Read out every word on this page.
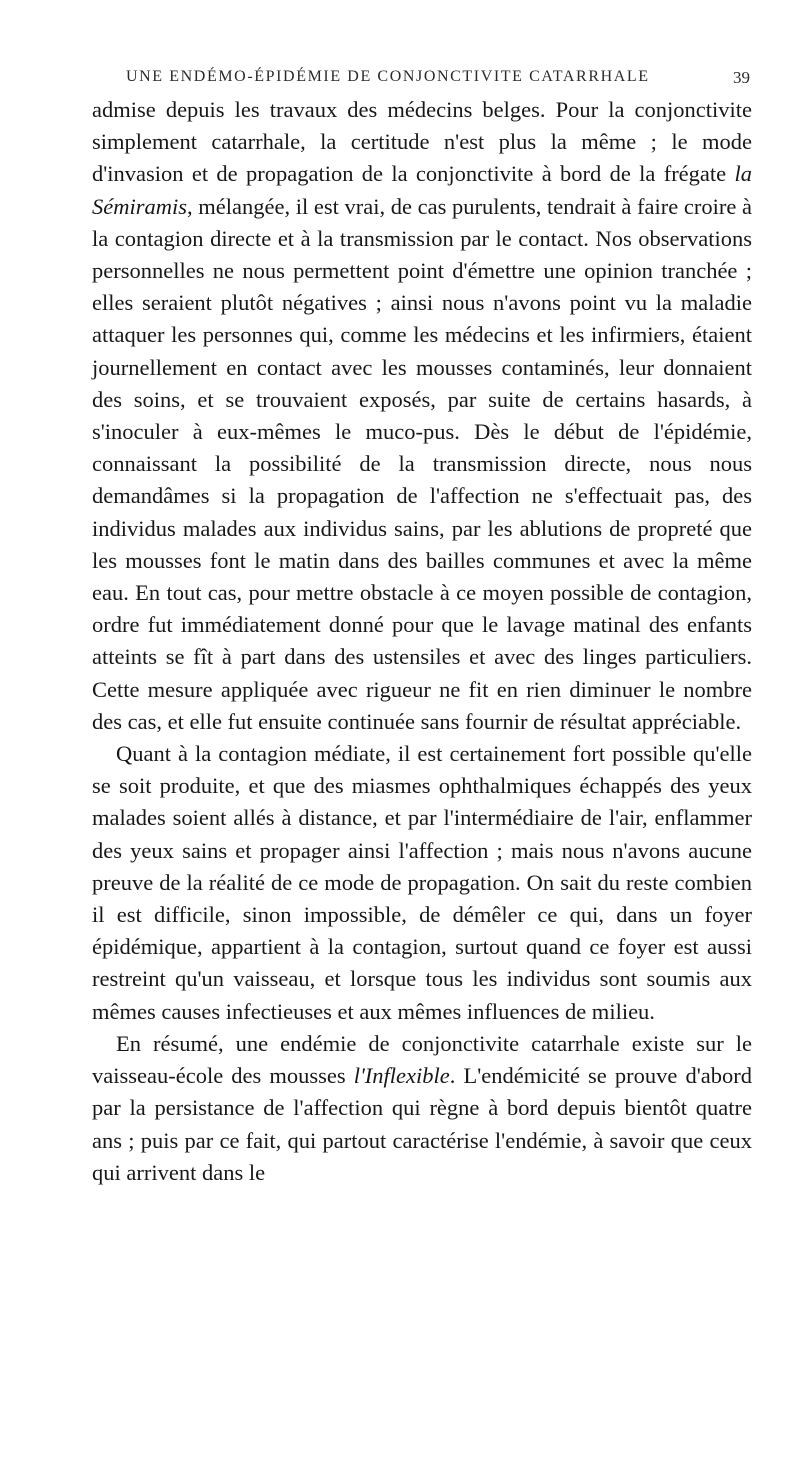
UNE ENDÉMO-ÉPIDÉMIE DE CONJONCTIVITE CATARRHALE	39

admise depuis les travaux des médecins belges. Pour la conjonctivite simplement catarrhale, la certitude n'est plus la même ; le mode d'invasion et de propagation de la conjonctivite à bord de la frégate la Sémiramis, mélangée, il est vrai, de cas purulents, tendrait à faire croire à la contagion directe et à la transmission par le contact. Nos observations personnelles ne nous permettent point d'émettre une opinion tranchée ; elles seraient plutôt négatives ; ainsi nous n'avons point vu la maladie attaquer les personnes qui, comme les médecins et les infirmiers, étaient journellement en contact avec les mousses contaminés, leur donnaient des soins, et se trouvaient exposés, par suite de certains hasards, à s'inoculer à eux-mêmes le muco-pus. Dès le début de l'épidémie, connaissant la possibilité de la transmission directe, nous nous demandâmes si la propagation de l'affection ne s'effectuait pas, des individus malades aux individus sains, par les ablutions de propreté que les mousses font le matin dans des bailles communes et avec la même eau. En tout cas, pour mettre obstacle à ce moyen possible de contagion, ordre fut immédiatement donné pour que le lavage matinal des enfants atteints se fît à part dans des ustensiles et avec des linges particuliers. Cette mesure appliquée avec rigueur ne fit en rien diminuer le nombre des cas, et elle fut ensuite continuée sans fournir de résultat appréciable.

Quant à la contagion médiate, il est certainement fort possible qu'elle se soit produite, et que des miasmes ophthalmiques échappés des yeux malades soient allés à distance, et par l'intermédiaire de l'air, enflammer des yeux sains et propager ainsi l'affection ; mais nous n'avons aucune preuve de la réalité de ce mode de propagation. On sait du reste combien il est difficile, sinon impossible, de démêler ce qui, dans un foyer épidémique, appartient à la contagion, surtout quand ce foyer est aussi restreint qu'un vaisseau, et lorsque tous les individus sont soumis aux mêmes causes infectieuses et aux mêmes influences de milieu.

En résumé, une endémie de conjonctivite catarrhale existe sur le vaisseau-école des mousses l'Inflexible. L'endémicité se prouve d'abord par la persistance de l'affection qui règne à bord depuis bientôt quatre ans ; puis par ce fait, qui partout caractérise l'endémie, à savoir que ceux qui arrivent dans le
